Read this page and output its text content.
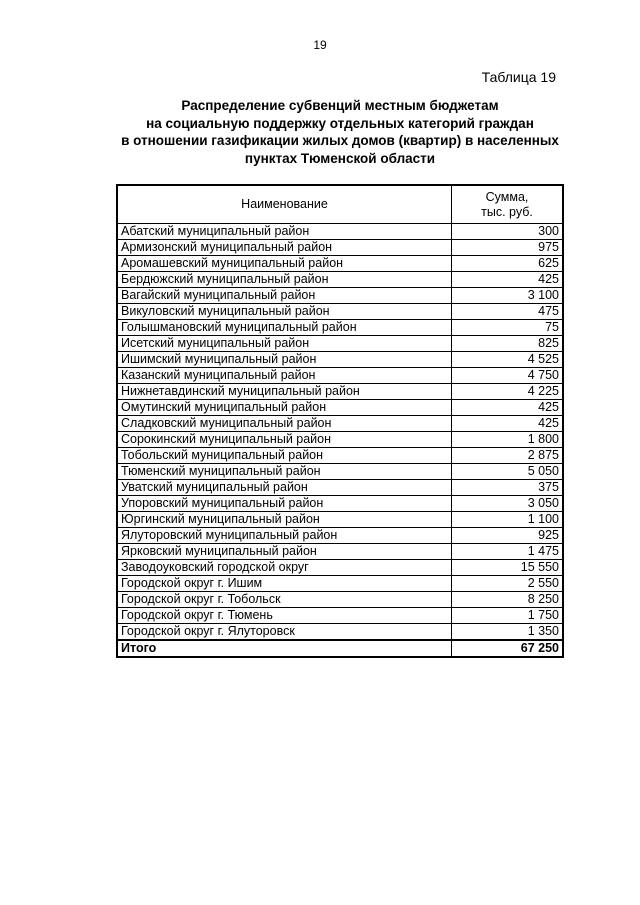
19
Таблица 19
Распределение субвенций местным бюджетам
на социальную поддержку отдельных категорий граждан
в отношении газификации жилых домов (квартир) в населенных
пунктах Тюменской области
Наименование	Сумма,
тыс. руб.

Абатский муниципальный район	300
Армизонский муниципальный район	975
Аромашевский муниципальный район	625
Бердюжский муниципальный район	425
Вагайский муниципальный район	3 100
Викуловский муниципальный район	475
Голышмановский муниципальный район	75
Исетский муниципальный район	825
Ишимский муниципальный район	4 525
Казанский муниципальный район	4 750
Нижнетавдинский муниципальный район	4 225
Омутинский муниципальный район	425
Сладковский муниципальный район	425
Сорокинский муниципальный район	1 800
Тобольский муниципальный район	2 875
Тюменский муниципальный район	5 050
Уватский муниципальный район	375
Упоровский муниципальный район	3 050
Юргинский муниципальный район	1 100
Ялуторовский муниципальный район	925
Ярковский муниципальный район	1 475
Заводоуковский городской округ	15 550
Городской округ г. Ишим	2 550
Городской округ г. Тобольск	8 250
Городской округ г. Тюмень	1 750
Городской округ г. Ялуторовск	1 350
Итого	67 250
